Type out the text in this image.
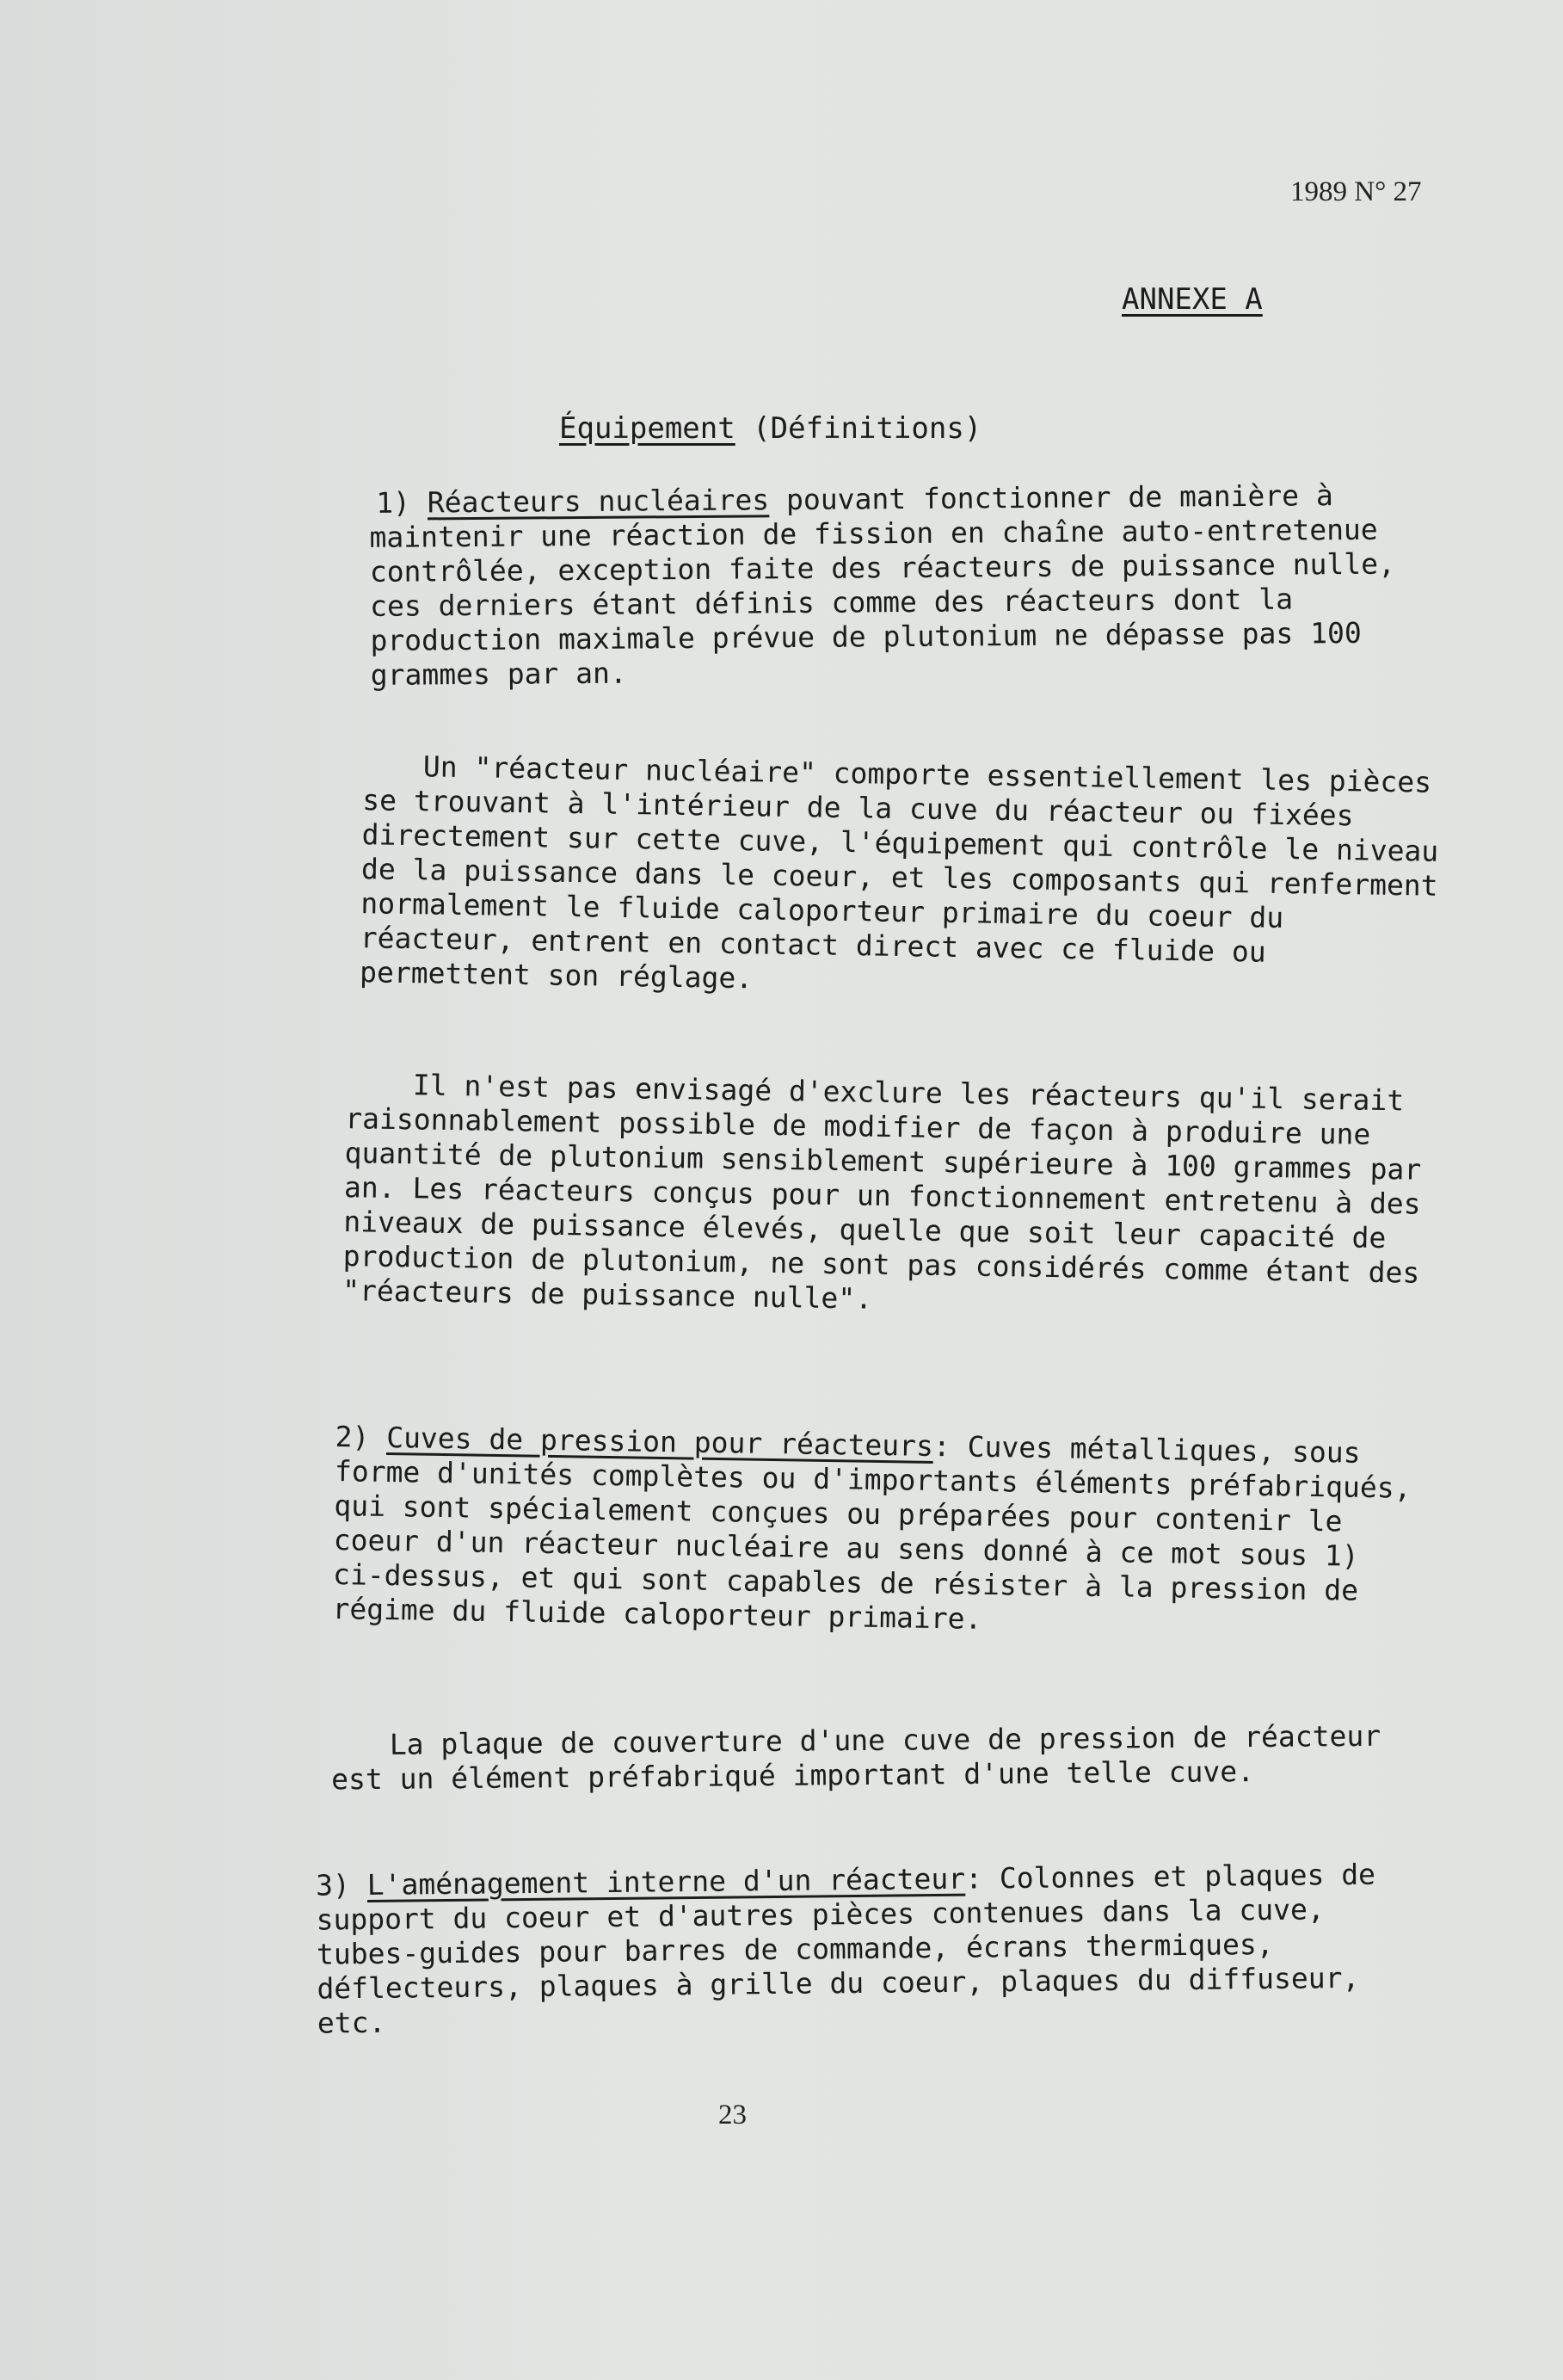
1989 N° 27
ANNEXE A
Équipement (Définitions)

1) Réacteurs nucléaires pouvant fonctionner de manière à maintenir une réaction de fission en chaîne auto-entretenue contrôlée, exception faite des réacteurs de puissance nulle, ces derniers étant définis comme des réacteurs dont la production maximale prévue de plutonium ne dépasse pas 100 grammes par an.

Un "réacteur nucléaire" comporte essentiellement les pièces se trouvant à l'intérieur de la cuve du réacteur ou fixées directement sur cette cuve, l'équipement qui contrôle le niveau de la puissance dans le coeur, et les composants qui renferment normalement le fluide caloporteur primaire du coeur du réacteur, entrent en contact direct avec ce fluide ou permettent son réglage.

Il n'est pas envisagé d'exclure les réacteurs qu'il serait raisonnablement possible de modifier de façon à produire une quantité de plutonium sensiblement supérieure à 100 grammes par an. Les réacteurs conçus pour un fonctionnement entretenu à des niveaux de puissance élevés, quelle que soit leur capacité de production de plutonium, ne sont pas considérés comme étant des "réacteurs de puissance nulle".

2) Cuves de pression pour réacteurs: Cuves métalliques, sous forme d'unités complètes ou d'importants éléments préfabriqués, qui sont spécialement conçues ou préparées pour contenir le coeur d'un réacteur nucléaire au sens donné à ce mot sous 1) ci-dessus, et qui sont capables de résister à la pression de régime du fluide caloporteur primaire.

La plaque de couverture d'une cuve de pression de réacteur est un élément préfabriqué important d'une telle cuve.

3) L'aménagement interne d'un réacteur: Colonnes et plaques de support du coeur et d'autres pièces contenues dans la cuve, tubes-guides pour barres de commande, écrans thermiques, déflecteurs, plaques à grille du coeur, plaques du diffuseur, etc.

23
